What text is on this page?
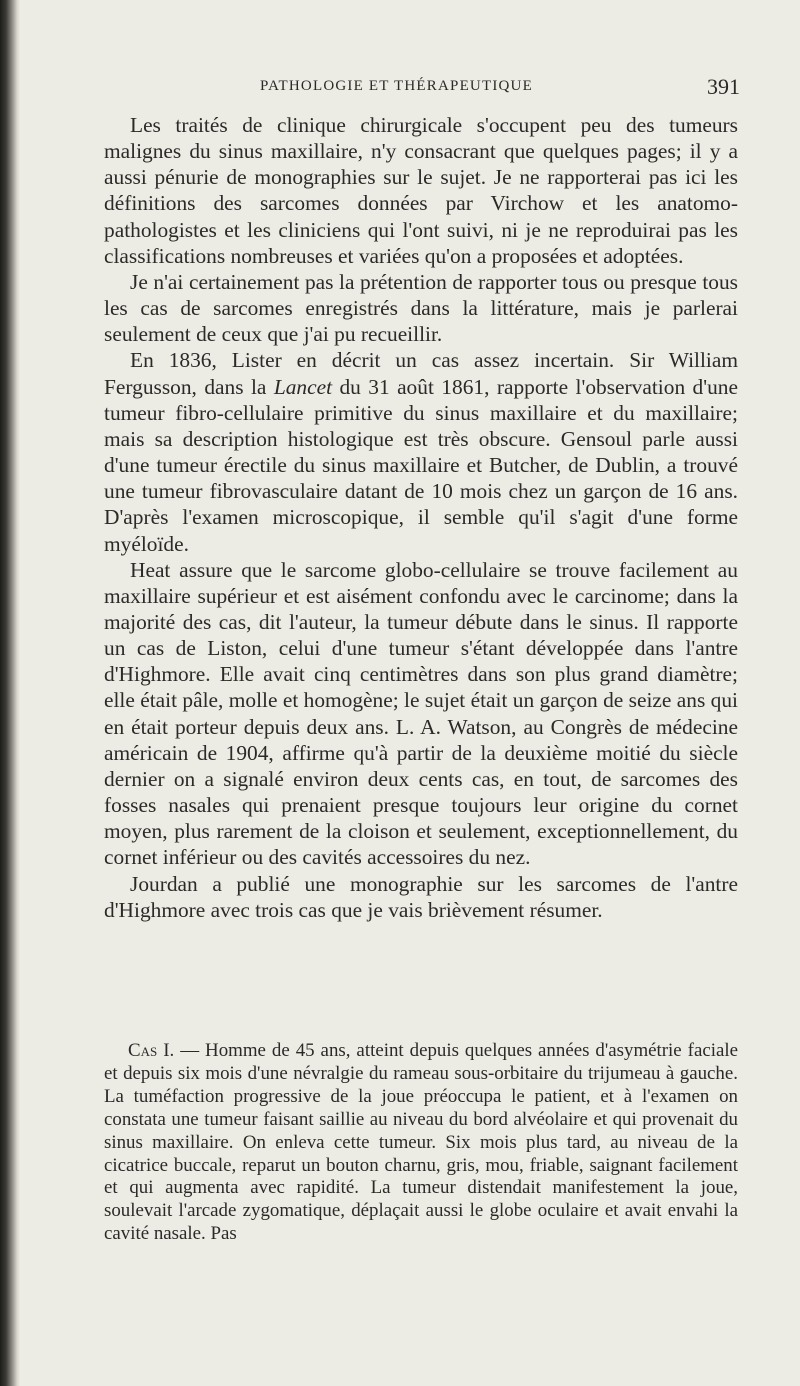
PATHOLOGIE ET THÉRAPEUTIQUE	391

Les traités de clinique chirurgicale s'occupent peu des tumeurs malignes du sinus maxillaire, n'y consacrant que quelques pages; il y a aussi pénurie de monographies sur le sujet. Je ne rapporterai pas ici les définitions des sarcomes données par Virchow et les anatomo-pathologistes et les cliniciens qui l'ont suivi, ni je ne reproduirai pas les classifications nombreuses et variées qu'on a proposées et adoptées.

Je n'ai certainement pas la prétention de rapporter tous ou presque tous les cas de sarcomes enregistrés dans la littérature, mais je parlerai seulement de ceux que j'ai pu recueillir.

En 1836, Lister en décrit un cas assez incertain. Sir William Fergusson, dans la Lancet du 31 août 1861, rapporte l'observation d'une tumeur fibro-cellulaire primitive du sinus maxillaire et du maxillaire; mais sa description histologique est très obscure. Gensoul parle aussi d'une tumeur érectile du sinus maxillaire et Butcher, de Dublin, a trouvé une tumeur fibrovasculaire datant de 10 mois chez un garçon de 16 ans. D'après l'examen microscopique, il semble qu'il s'agit d'une forme myéloïde.

Heat assure que le sarcome globo-cellulaire se trouve facilement au maxillaire supérieur et est aisément confondu avec le carcinome; dans la majorité des cas, dit l'auteur, la tumeur débute dans le sinus. Il rapporte un cas de Liston, celui d'une tumeur s'étant développée dans l'antre d'Highmore. Elle avait cinq centimètres dans son plus grand diamètre; elle était pâle, molle et homogène; le sujet était un garçon de seize ans qui en était porteur depuis deux ans. L. A. Watson, au Congrès de médecine américain de 1904, affirme qu'à partir de la deuxième moitié du siècle dernier on a signalé environ deux cents cas, en tout, de sarcomes des fosses nasales qui prenaient presque toujours leur origine du cornet moyen, plus rarement de la cloison et seulement, exceptionnellement, du cornet inférieur ou des cavités accessoires du nez.

Jourdan a publié une monographie sur les sarcomes de l'antre d'Highmore avec trois cas que je vais brièvement résumer.

Cas I. — Homme de 45 ans, atteint depuis quelques années d'asymétrie faciale et depuis six mois d'une névralgie du rameau sous-orbitaire du trijumeau à gauche. La tuméfaction progressive de la joue préoccupa le patient, et à l'examen on constata une tumeur faisant saillie au niveau du bord alvéolaire et qui provenait du sinus maxillaire. On enleva cette tumeur. Six mois plus tard, au niveau de la cicatrice buccale, reparut un bouton charnu, gris, mou, friable, saignant facilement et qui augmenta avec rapidité. La tumeur distendait manifestement la joue, soulevait l'arcade zygomatique, déplaçait aussi le globe oculaire et avait envahi la cavité nasale. Pas
